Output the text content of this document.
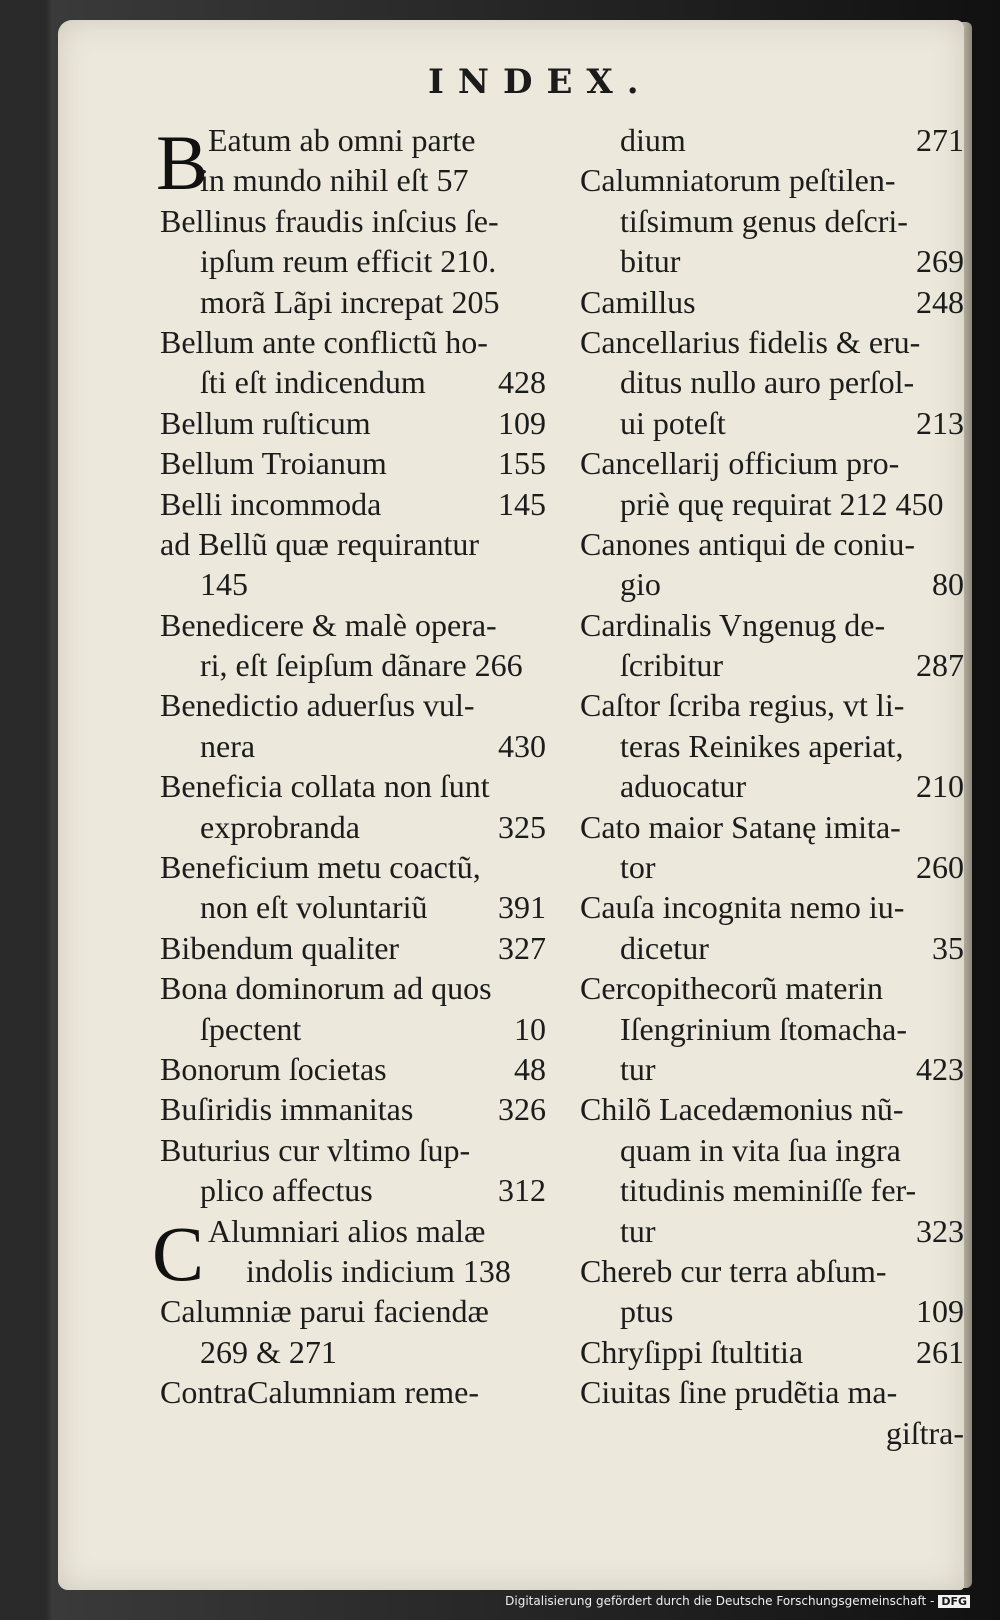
INDEX.
B Eatum ab omni parte
in mundo nihil eſt 57
Bellinus fraudis inſcius ſe-
ipſum reum efficit 210.
morã Lãpi increpat 205
Bellum ante conflictũ ho-
ſti eſt indicendum 428
Bellum ruſticum	109
Bellum Troianum	155
Belli incommoda	145
ad Bellũ quæ requirantur
145
Benedicere & malè opera-
ri, eſt ſeipſum dãnare 266
Benedictio aduerſus vul-
nera	430
Beneficia collata non ſunt
exprobranda	325
Beneficium metu coactũ,
non eſt voluntariũ 391
Bibendum qualiter	327
Bona dominorum ad quos
ſpectent	10
Bonorum ſocietas	48
Buſiridis immanitas	326
Buturius cur vltimo ſup-
plico affectus	312
C Alumniari alios malæ
indolis indicium 138
Calumniæ parui faciendæ
269 & 271
ContraCalumniam reme-
dium	271
Calumniatorum peſtilen-
tiſsimum genus deſcri-
bitur	269
Camillus	248
Cancellarius fidelis & eru-
ditus nullo auro perſol-
ui poteſt	213
Cancellarij officium pro-
priè quę requirat 212 450
Canones antiqui de coniu-
gio	80
Cardinalis Vngenug de-
ſcribitur	287
Caſtor ſcriba regius, vt li-
teras Reinikes aperiat,
aduocatur	210
Cato maior Satanę imita-
tor	260
Cauſa incognita nemo iu-
dicetur	35
Cercopithecorũ materin
Iſengrinium ſtomacha-
tur	423
Chilõ Lacedæmonius nũ-
quam in vita ſua ingra
titudinis meminiſſe fer-
tur	323
Chereb cur terra abſum-
ptus	109
Chryſippi ſtultitia	261
Ciuitas ſine prudẽtia ma-
giſtra-
Digitalisierung gefördert durch die Deutsche Forschungsgemeinschaft - DFG
